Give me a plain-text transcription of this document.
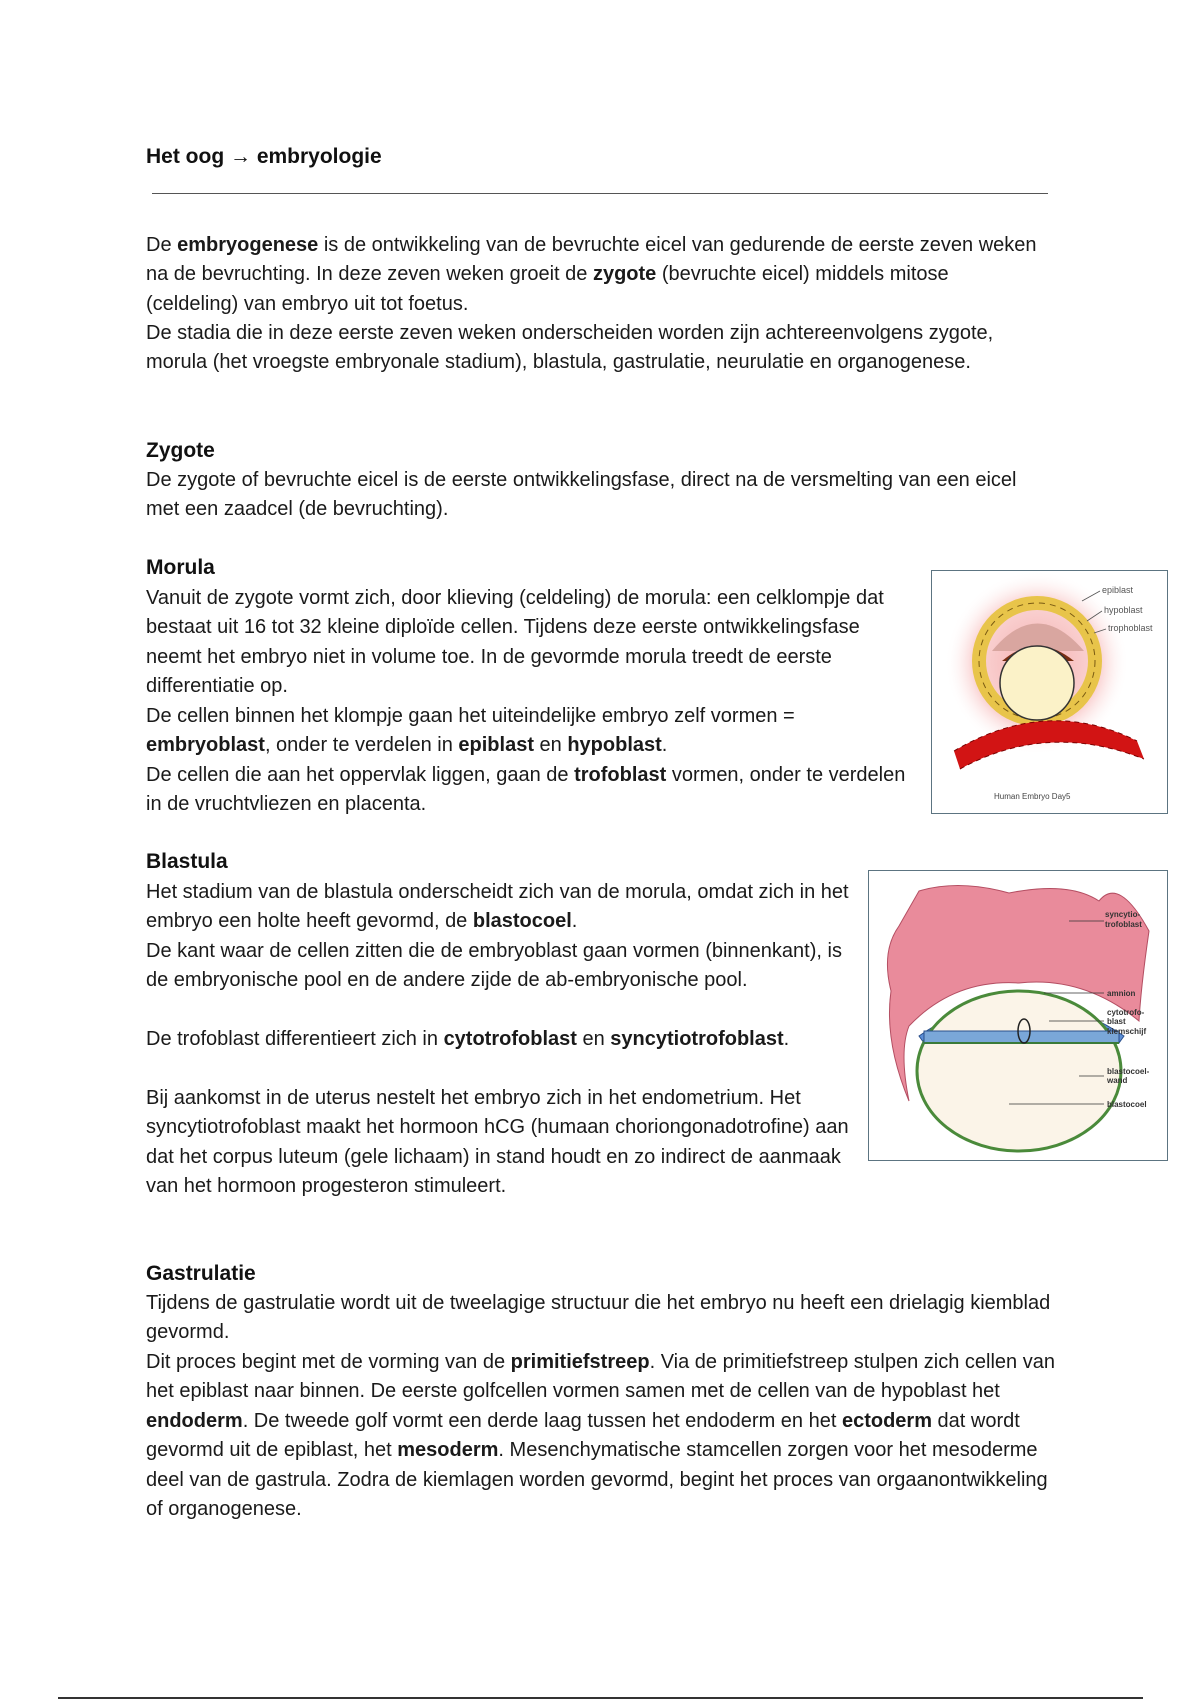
Het oog → embryologie

De embryogenese is de ontwikkeling van de bevruchte eicel van gedurende de eerste zeven weken na de bevruchting. In deze zeven weken groeit de zygote (bevruchte eicel) middels mitose (celdeling) van embryo uit tot foetus.

De stadia die in deze eerste zeven weken onderscheiden worden zijn achtereenvolgens zygote, morula (het vroegste embryonale stadium), blastula, gastrulatie, neurulatie en organogenese.

Zygote

De zygote of bevruchte eicel is de eerste ontwikkelingsfase, direct na de versmelting van een eicel met een zaadcel (de bevruchting).

Morula

Vanuit de zygote vormt zich, door klieving (celdeling) de morula: een celklompje dat bestaat uit 16 tot 32 kleine diploïde cellen. Tijdens deze eerste ontwikkelingsfase neemt het embryo niet in volume toe. In de gevormde morula treedt de eerste differentiatie op.

De cellen binnen het klompje gaan het uiteindelijke embryo zelf vormen = embryoblast, onder te verdelen in epiblast en hypoblast.

De cellen die aan het oppervlak liggen, gaan de trofoblast vormen, onder te verdelen in de vruchtvliezen en placenta.

epiblast
hypoblast
trophoblast
Human Embryo Day5
Blastula

Het stadium van de blastula onderscheidt zich van de morula, omdat zich in het embryo een holte heeft gevormd, de blastocoel.

De kant waar de cellen zitten die de embryoblast gaan vormen (binnenkant), is de embryonische pool en de andere zijde de ab-embryonische pool.

De trofoblast differentieert zich in cytotrofoblast en syncytiotrofoblast.

Bij aankomst in de uterus nestelt het embryo zich in het endometrium. Het syncytiotrofoblast maakt het hormoon hCG (humaan choriongonadotrofine) aan dat het corpus luteum (gele lichaam) in stand houdt en zo indirect de aanmaak van het hormoon progesteron stimuleert.

syncytio-
trofoblast
amnion
cytotrofo-
blast
kiemschijf
blastocoel-
wand
blastocoel
Gastrulatie

Tijdens de gastrulatie wordt uit de tweelagige structuur die het embryo nu heeft een drielagig kiemblad gevormd.

Dit proces begint met de vorming van de primitiefstreep. Via de primitiefstreep stulpen zich cellen van het epiblast naar binnen. De eerste golfcellen vormen samen met de cellen van de hypoblast het endoderm. De tweede golf vormt een derde laag tussen het endoderm en het ectoderm dat wordt gevormd uit de epiblast, het mesoderm. Mesenchymatische stamcellen zorgen voor het mesoderme deel van de gastrula. Zodra de kiemlagen worden gevormd, begint het proces van orgaanontwikkeling of organogenese.
